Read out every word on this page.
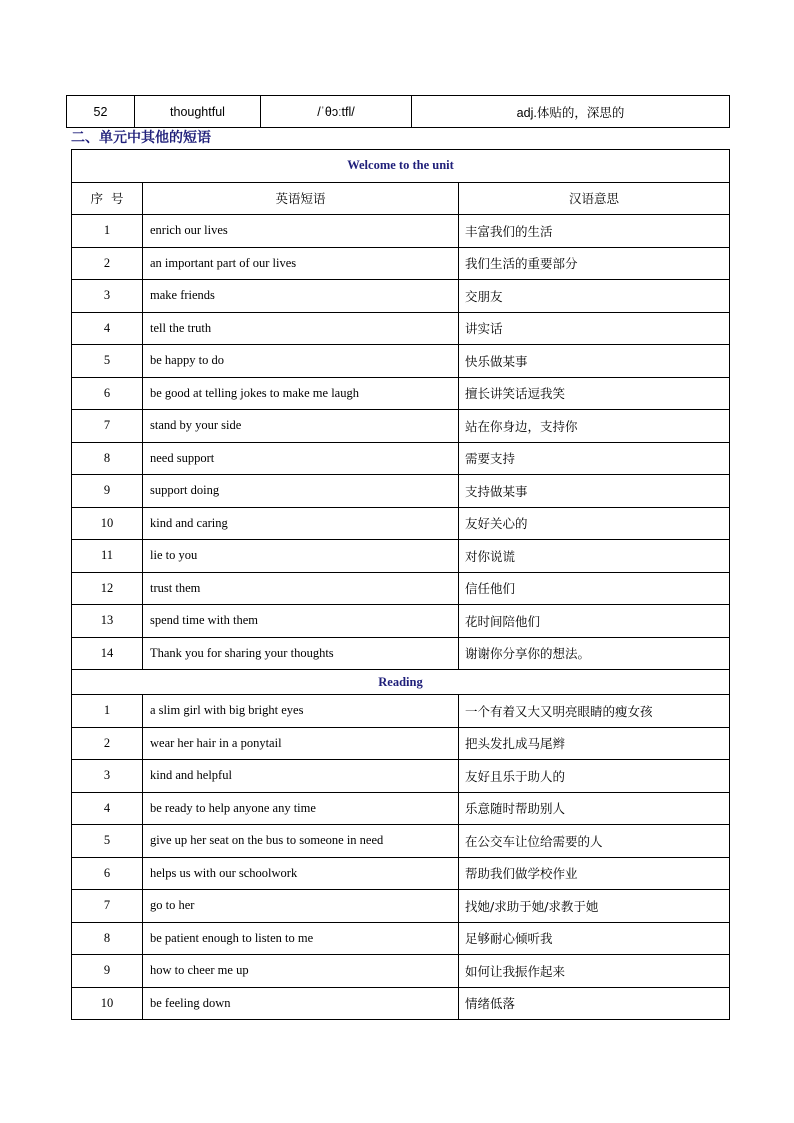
52	thoughtful	/ˈθɔːtfl/	adj.体贴的，深思的
二、单元中其他的短语
Welcome to the unit		
序  号	英语短语	汉语意思
1	enrich our lives	丰富我们的生活
2	an important part of our lives	我们生活的重要部分
3	make friends	交朋友
4	tell the truth	讲实话
5	be happy to do	快乐做某事
6	be good at telling jokes to make me laugh	擅长讲笑话逗我笑
7	stand by your side	站在你身边，支持你
8	need support	需要支持
9	support doing	支持做某事
10	kind and caring	友好关心的
11	lie to you	对你说谎
12	trust them	信任他们
13	spend time with them	花时间陪他们
14	Thank you for sharing your thoughts	谢谢你分享你的想法。
Reading		
1	a slim girl with big bright eyes	一个有着又大又明亮眼睛的瘦女孩
2	wear her hair in a ponytail	把头发扎成马尾辫
3	kind and helpful	友好且乐于助人的
4	be ready to help anyone any time	乐意随时帮助别人
5	give up her seat on the bus to someone in need	在公交车让位给需要的人
6	helps us with our schoolwork	帮助我们做学校作业
7	go to her	找她/求助于她/求教于她
8	be patient enough to listen to me	足够耐心倾听我
9	how to cheer me up	如何让我振作起来
10	be feeling down	情绪低落
